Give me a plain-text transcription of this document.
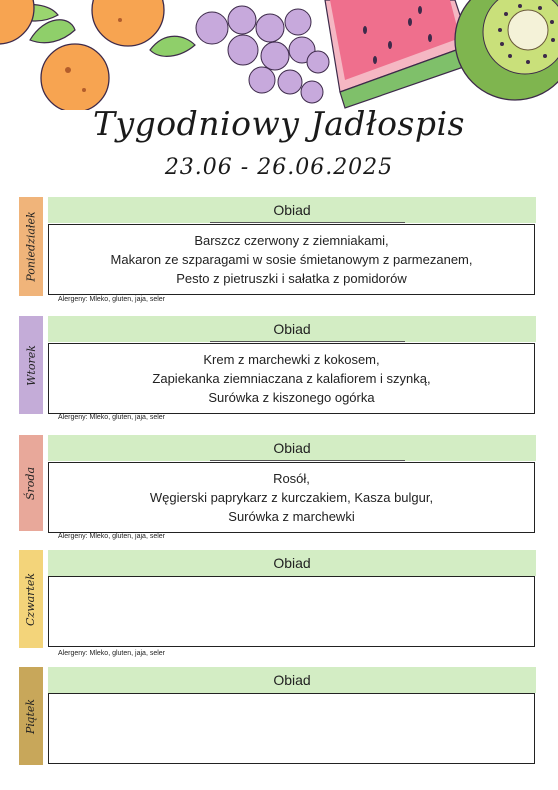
Tygodniowy Jadłospis
23.06 - 26.06.2025
Poniedziałek
Obiad
Barszcz czerwony z ziemniakami,
Makaron ze szparagami w sosie śmietanowym z parmezanem,
Pesto z pietruszki i sałatka z pomidorów
Alergeny: Mleko, gluten, jaja, seler
Wtorek
Obiad
Krem z marchewki z kokosem,
Zapiekanka ziemniaczana z kalafiorem i szynką,
Surówka z kiszonego ogórka
Alergeny: Mleko, gluten, jaja, seler
Środa
Obiad
Rosół,
Węgierski paprykarz z kurczakiem, Kasza bulgur,
Surówka z marchewki
Alergeny: Mleko, gluten, jaja, seler
Czwartek
Obiad
Alergeny: Mleko, gluten, jaja, seler
Piątek
Obiad
